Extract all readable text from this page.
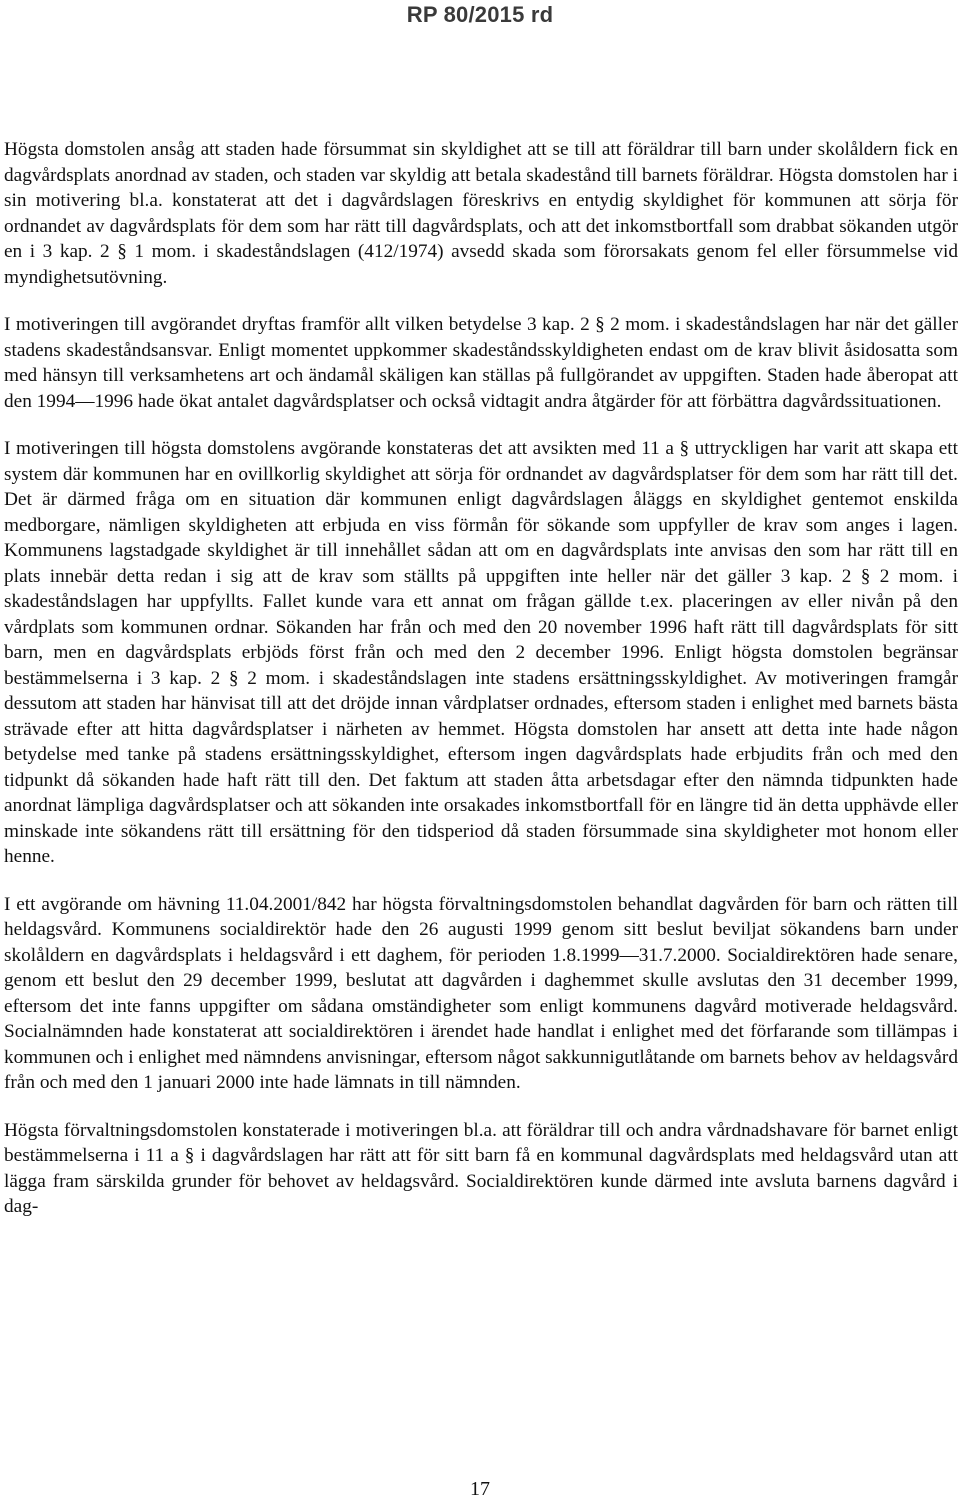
RP 80/2015 rd

Högsta domstolen ansåg att staden hade försummat sin skyldighet att se till att föräldrar till barn under skolåldern fick en dagvårdsplats anordnad av staden, och staden var skyldig att betala skadestånd till barnets föräldrar. Högsta domstolen har i sin motivering bl.a. konstaterat att det i dagvårdslagen föreskrivs en entydig skyldighet för kommunen att sörja för ordnandet av dagvårdsplats för dem som har rätt till dagvårdsplats, och att det inkomstbortfall som drabbat sökanden utgör en i 3 kap. 2 § 1 mom. i skadeståndslagen (412/1974) avsedd skada som förorsakats genom fel eller försummelse vid myndighetsutövning.

I motiveringen till avgörandet dryftas framför allt vilken betydelse 3 kap. 2 § 2 mom. i skadeståndslagen har när det gäller stadens skadeståndsansvar. Enligt momentet uppkommer skadeståndsskyldigheten endast om de krav blivit åsidosatta som med hänsyn till verksamhetens art och ändamål skäligen kan ställas på fullgörandet av uppgiften. Staden hade åberopat att den 1994—1996 hade ökat antalet dagvårdsplatser och också vidtagit andra åtgärder för att förbättra dagvårdssituationen.

I motiveringen till högsta domstolens avgörande konstateras det att avsikten med 11 a § uttryckligen har varit att skapa ett system där kommunen har en ovillkorlig skyldighet att sörja för ordnandet av dagvårdsplatser för dem som har rätt till det. Det är därmed fråga om en situation där kommunen enligt dagvårdslagen åläggs en skyldighet gentemot enskilda medborgare, nämligen skyldigheten att erbjuda en viss förmån för sökande som uppfyller de krav som anges i lagen. Kommunens lagstadgade skyldighet är till innehållet sådan att om en dagvårdsplats inte anvisas den som har rätt till en plats innebär detta redan i sig att de krav som ställts på uppgiften inte heller när det gäller 3 kap. 2 § 2 mom. i skadeståndslagen har uppfyllts. Fallet kunde vara ett annat om frågan gällde t.ex. placeringen av eller nivån på den vårdplats som kommunen ordnar. Sökanden har från och med den 20 november 1996 haft rätt till dagvårdsplats för sitt barn, men en dagvårdsplats erbjöds först från och med den 2 december 1996. Enligt högsta domstolen begränsar bestämmelserna i 3 kap. 2 § 2 mom. i skadeståndslagen inte stadens ersättningsskyldighet. Av motiveringen framgår dessutom att staden har hänvisat till att det dröjde innan vårdplatser ordnades, eftersom staden i enlighet med barnets bästa strävade efter att hitta dagvårdsplatser i närheten av hemmet. Högsta domstolen har ansett att detta inte hade någon betydelse med tanke på stadens ersättningsskyldighet, eftersom ingen dagvårdsplats hade erbjudits från och med den tidpunkt då sökanden hade haft rätt till den. Det faktum att staden åtta arbetsdagar efter den nämnda tidpunkten hade anordnat lämpliga dagvårdsplatser och att sökanden inte orsakades inkomstbortfall för en längre tid än detta upphävde eller minskade inte sökandens rätt till ersättning för den tidsperiod då staden försummade sina skyldigheter mot honom eller henne.

I ett avgörande om hävning 11.04.2001/842 har högsta förvaltningsdomstolen behandlat dagvården för barn och rätten till heldagsvård. Kommunens socialdirektör hade den 26 augusti 1999 genom sitt beslut beviljat sökandens barn under skolåldern en dagvårdsplats i heldagsvård i ett daghem, för perioden 1.8.1999—31.7.2000. Socialdirektören hade senare, genom ett beslut den 29 december 1999, beslutat att dagvården i daghemmet skulle avslutas den 31 december 1999, eftersom det inte fanns uppgifter om sådana omständigheter som enligt kommunens dagvård motiverade heldagsvård. Socialnämnden hade konstaterat att socialdirektören i ärendet hade handlat i enlighet med det förfarande som tillämpas i kommunen och i enlighet med nämndens anvisningar, eftersom något sakkunnigutlåtande om barnets behov av heldagsvård från och med den 1 januari 2000 inte hade lämnats in till nämnden.

Högsta förvaltningsdomstolen konstaterade i motiveringen bl.a. att föräldrar till och andra vårdnadshavare för barnet enligt bestämmelserna i 11 a § i dagvårdslagen har rätt att för sitt barn få en kommunal dagvårdsplats med heldagsvård utan att lägga fram särskilda grunder för behovet av heldagsvård. Socialdirektören kunde därmed inte avsluta barnens dagvård i dag-

17
